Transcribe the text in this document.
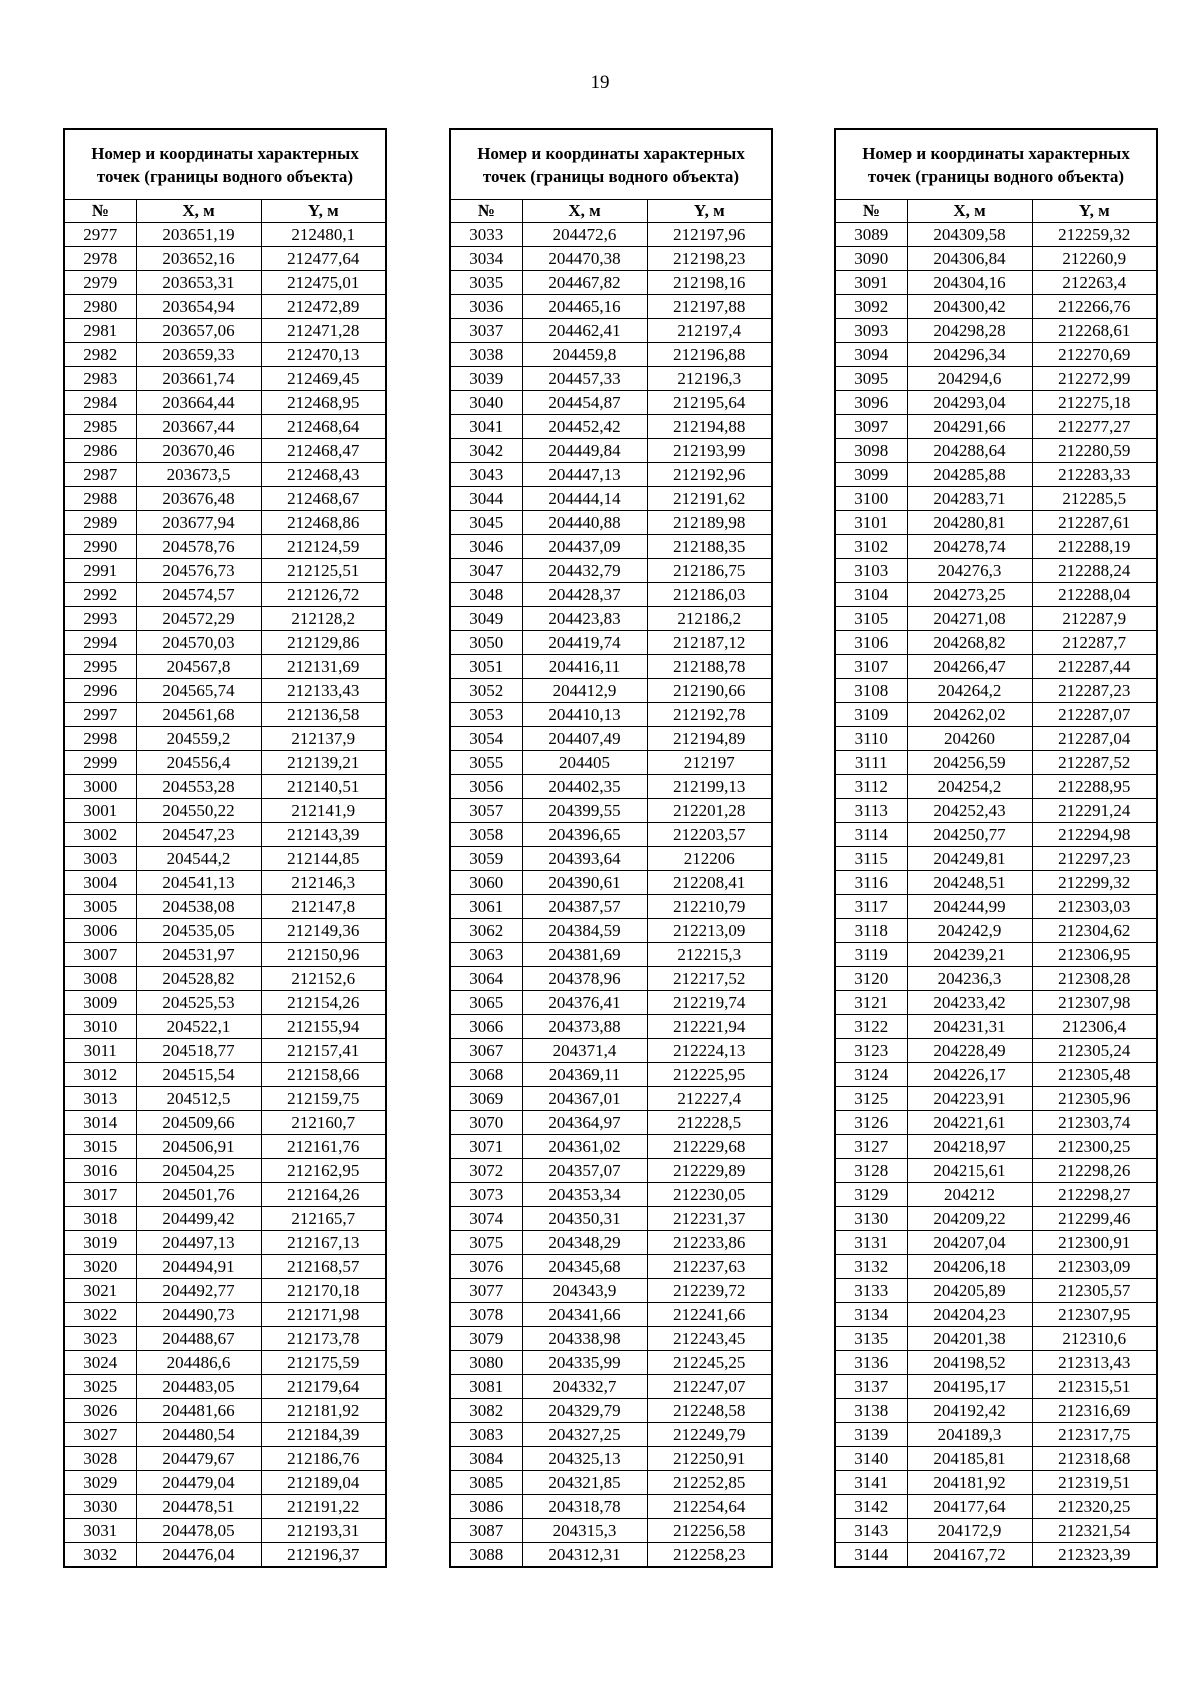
19
Номер и координаты характерных точек (границы водного объекта)		
№	X, м	Y, м
2977	203651,19	212480,1
2978	203652,16	212477,64
2979	203653,31	212475,01
2980	203654,94	212472,89
2981	203657,06	212471,28
2982	203659,33	212470,13
2983	203661,74	212469,45
2984	203664,44	212468,95
2985	203667,44	212468,64
2986	203670,46	212468,47
2987	203673,5	212468,43
2988	203676,48	212468,67
2989	203677,94	212468,86
2990	204578,76	212124,59
2991	204576,73	212125,51
2992	204574,57	212126,72
2993	204572,29	212128,2
2994	204570,03	212129,86
2995	204567,8	212131,69
2996	204565,74	212133,43
2997	204561,68	212136,58
2998	204559,2	212137,9
2999	204556,4	212139,21
3000	204553,28	212140,51
3001	204550,22	212141,9
3002	204547,23	212143,39
3003	204544,2	212144,85
3004	204541,13	212146,3
3005	204538,08	212147,8
3006	204535,05	212149,36
3007	204531,97	212150,96
3008	204528,82	212152,6
3009	204525,53	212154,26
3010	204522,1	212155,94
3011	204518,77	212157,41
3012	204515,54	212158,66
3013	204512,5	212159,75
3014	204509,66	212160,7
3015	204506,91	212161,76
3016	204504,25	212162,95
3017	204501,76	212164,26
3018	204499,42	212165,7
3019	204497,13	212167,13
3020	204494,91	212168,57
3021	204492,77	212170,18
3022	204490,73	212171,98
3023	204488,67	212173,78
3024	204486,6	212175,59
3025	204483,05	212179,64
3026	204481,66	212181,92
3027	204480,54	212184,39
3028	204479,67	212186,76
3029	204479,04	212189,04
3030	204478,51	212191,22
3031	204478,05	212193,31
3032	204476,04	212196,37
Номер и координаты характерных точек (границы водного объекта)		
№	X, м	Y, м
3033	204472,6	212197,96
3034	204470,38	212198,23
3035	204467,82	212198,16
3036	204465,16	212197,88
3037	204462,41	212197,4
3038	204459,8	212196,88
3039	204457,33	212196,3
3040	204454,87	212195,64
3041	204452,42	212194,88
3042	204449,84	212193,99
3043	204447,13	212192,96
3044	204444,14	212191,62
3045	204440,88	212189,98
3046	204437,09	212188,35
3047	204432,79	212186,75
3048	204428,37	212186,03
3049	204423,83	212186,2
3050	204419,74	212187,12
3051	204416,11	212188,78
3052	204412,9	212190,66
3053	204410,13	212192,78
3054	204407,49	212194,89
3055	204405	212197
3056	204402,35	212199,13
3057	204399,55	212201,28
3058	204396,65	212203,57
3059	204393,64	212206
3060	204390,61	212208,41
3061	204387,57	212210,79
3062	204384,59	212213,09
3063	204381,69	212215,3
3064	204378,96	212217,52
3065	204376,41	212219,74
3066	204373,88	212221,94
3067	204371,4	212224,13
3068	204369,11	212225,95
3069	204367,01	212227,4
3070	204364,97	212228,5
3071	204361,02	212229,68
3072	204357,07	212229,89
3073	204353,34	212230,05
3074	204350,31	212231,37
3075	204348,29	212233,86
3076	204345,68	212237,63
3077	204343,9	212239,72
3078	204341,66	212241,66
3079	204338,98	212243,45
3080	204335,99	212245,25
3081	204332,7	212247,07
3082	204329,79	212248,58
3083	204327,25	212249,79
3084	204325,13	212250,91
3085	204321,85	212252,85
3086	204318,78	212254,64
3087	204315,3	212256,58
3088	204312,31	212258,23
Номер и координаты характерных точек (границы водного объекта)		
№	X, м	Y, м
3089	204309,58	212259,32
3090	204306,84	212260,9
3091	204304,16	212263,4
3092	204300,42	212266,76
3093	204298,28	212268,61
3094	204296,34	212270,69
3095	204294,6	212272,99
3096	204293,04	212275,18
3097	204291,66	212277,27
3098	204288,64	212280,59
3099	204285,88	212283,33
3100	204283,71	212285,5
3101	204280,81	212287,61
3102	204278,74	212288,19
3103	204276,3	212288,24
3104	204273,25	212288,04
3105	204271,08	212287,9
3106	204268,82	212287,7
3107	204266,47	212287,44
3108	204264,2	212287,23
3109	204262,02	212287,07
3110	204260	212287,04
3111	204256,59	212287,52
3112	204254,2	212288,95
3113	204252,43	212291,24
3114	204250,77	212294,98
3115	204249,81	212297,23
3116	204248,51	212299,32
3117	204244,99	212303,03
3118	204242,9	212304,62
3119	204239,21	212306,95
3120	204236,3	212308,28
3121	204233,42	212307,98
3122	204231,31	212306,4
3123	204228,49	212305,24
3124	204226,17	212305,48
3125	204223,91	212305,96
3126	204221,61	212303,74
3127	204218,97	212300,25
3128	204215,61	212298,26
3129	204212	212298,27
3130	204209,22	212299,46
3131	204207,04	212300,91
3132	204206,18	212303,09
3133	204205,89	212305,57
3134	204204,23	212307,95
3135	204201,38	212310,6
3136	204198,52	212313,43
3137	204195,17	212315,51
3138	204192,42	212316,69
3139	204189,3	212317,75
3140	204185,81	212318,68
3141	204181,92	212319,51
3142	204177,64	212320,25
3143	204172,9	212321,54
3144	204167,72	212323,39
